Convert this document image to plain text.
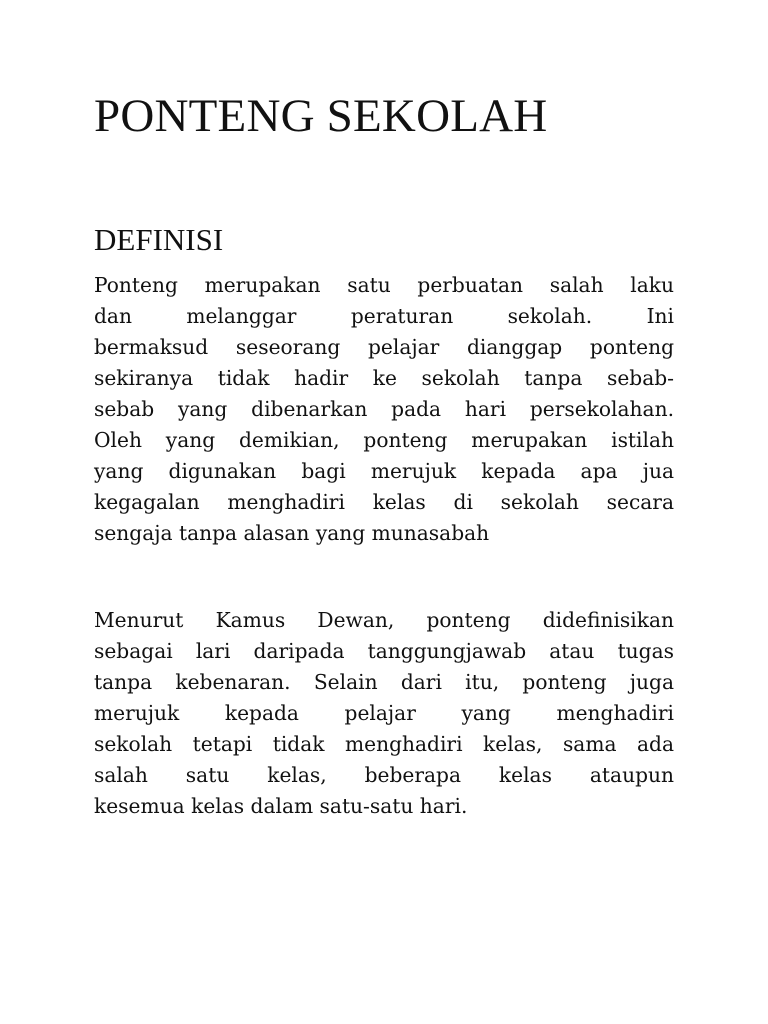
PONTENG SEKOLAH
DEFINISI

Ponteng merupakan satu perbuatan salah laku
dan melanggar peraturan sekolah. Ini
bermaksud seseorang pelajar dianggap ponteng
sekiranya tidak hadir ke sekolah tanpa sebab-
sebab yang dibenarkan pada hari persekolahan.
Oleh yang demikian, ponteng merupakan istilah
yang digunakan bagi merujuk kepada apa jua
kegagalan menghadiri kelas di sekolah secara
sengaja tanpa alasan yang munasabah

Menurut Kamus Dewan, ponteng didefinisikan
sebagai lari daripada tanggungjawab atau tugas
tanpa kebenaran. Selain dari itu, ponteng juga
merujuk kepada pelajar yang menghadiri
sekolah tetapi tidak menghadiri kelas, sama ada
salah satu kelas, beberapa kelas ataupun
kesemua kelas dalam satu-satu hari.
